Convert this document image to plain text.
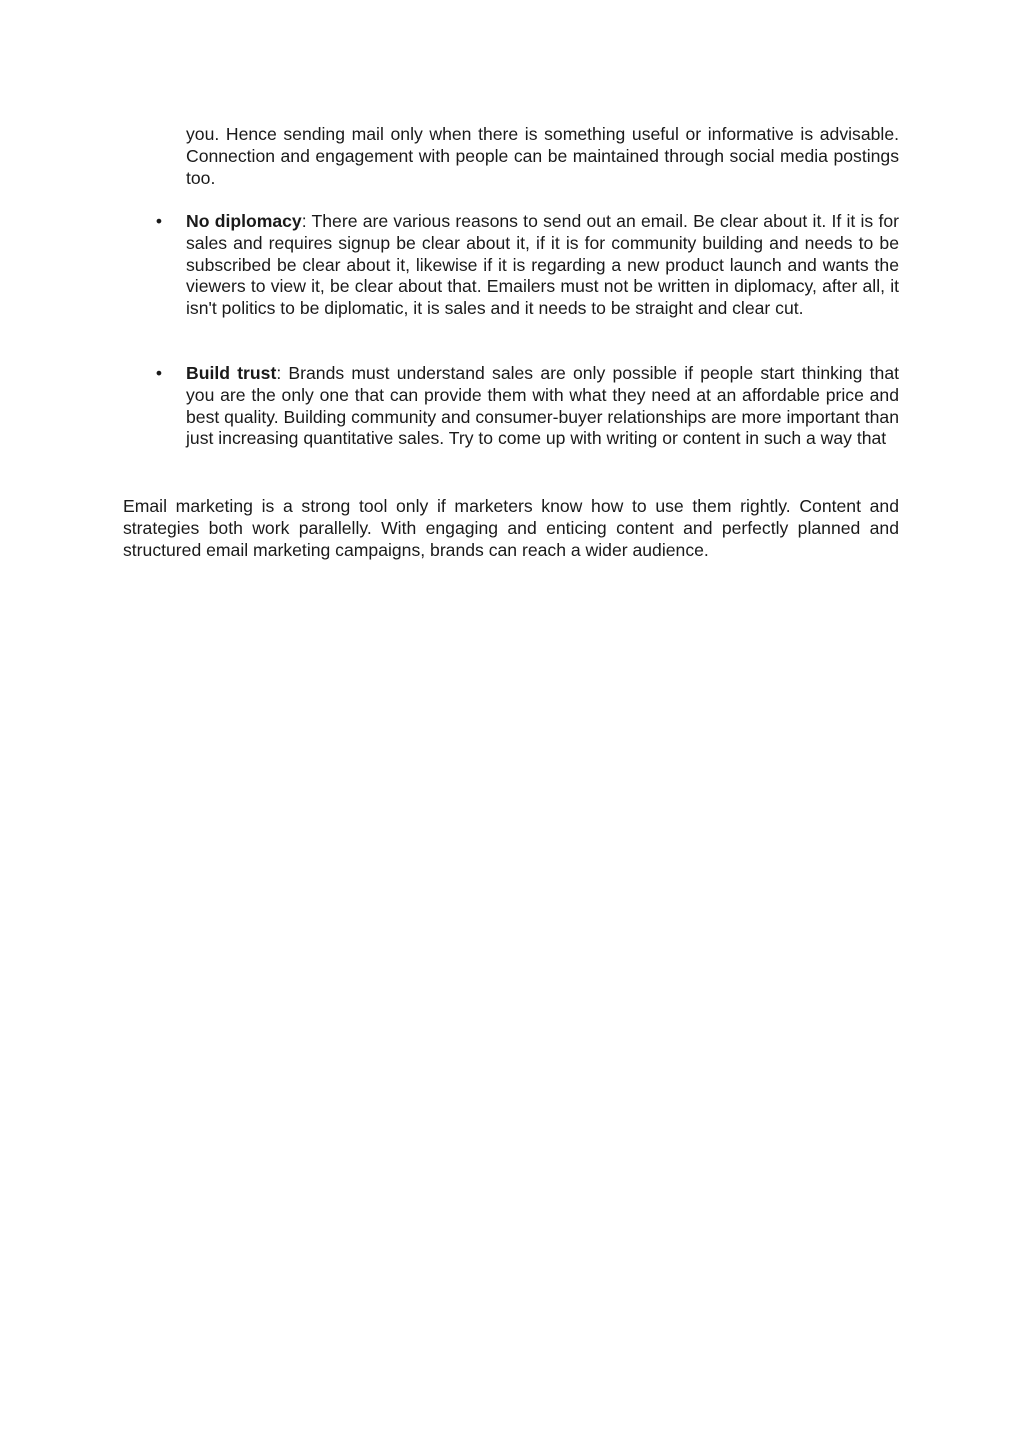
you. Hence sending mail only when there is something useful or informative is advisable. Connection and engagement with people can be maintained through social media postings too.

• No diplomacy: There are various reasons to send out an email. Be clear about it. If it is for sales and requires signup be clear about it, if it is for community building and needs to be subscribed be clear about it, likewise if it is regarding a new product launch and wants the viewers to view it, be clear about that. Emailers must not be written in diplomacy, after all, it isn't politics to be diplomatic, it is sales and it needs to be straight and clear cut.
• Build trust: Brands must understand sales are only possible if people start thinking that you are the only one that can provide them with what they need at an affordable price and best quality. Building community and consumer-buyer relationships are more important than just increasing quantitative sales. Try to come up with writing or content in such a way that

Email marketing is a strong tool only if marketers know how to use them rightly. Content and strategies both work parallelly. With engaging and enticing content and perfectly planned and structured email marketing campaigns, brands can reach a wider audience.
